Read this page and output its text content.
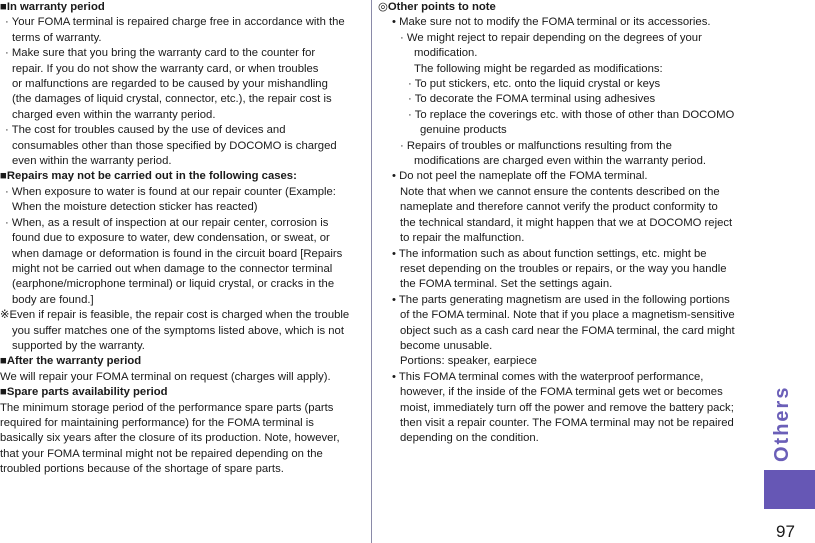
■In warranty period
· Your FOMA terminal is repaired charge free in accordance with the
terms of warranty.
· Make sure that you bring the warranty card to the counter for
repair. If you do not show the warranty card, or when troubles
or malfunctions are regarded to be caused by your mishandling
(the damages of liquid crystal, connector, etc.), the repair cost is
charged even within the warranty period.
· The cost for troubles caused by the use of devices and
consumables other than those specified by DOCOMO is charged
even within the warranty period.
■Repairs may not be carried out in the following cases:
· When exposure to water is found at our repair counter (Example:
When the moisture detection sticker has reacted)
· When, as a result of inspection at our repair center, corrosion is
found due to exposure to water, dew condensation, or sweat, or
when damage or deformation is found in the circuit board [Repairs
might not be carried out when damage to the connector terminal
(earphone/microphone terminal) or liquid crystal, or cracks in the
body are found.]
※Even if repair is feasible, the repair cost is charged when the trouble
you suffer matches one of the symptoms listed above, which is not
supported by the warranty.
■After the warranty period
We will repair your FOMA terminal on request (charges will apply).
■Spare parts availability period
The minimum storage period of the performance spare parts (parts
required for maintaining performance) for the FOMA terminal is
basically six years after the closure of its production. Note, however,
that your FOMA terminal might not be repaired depending on the
troubled portions because of the shortage of spare parts.
◎Other points to note
• Make sure not to modify the FOMA terminal or its accessories.
· We might reject to repair depending on the degrees of your
modification.
The following might be regarded as modifications:
· To put stickers, etc. onto the liquid crystal or keys
· To decorate the FOMA terminal using adhesives
· To replace the coverings etc. with those of other than DOCOMO
genuine products
· Repairs of troubles or malfunctions resulting from the
modifications are charged even within the warranty period.
• Do not peel the nameplate off the FOMA terminal.
Note that when we cannot ensure the contents described on the
nameplate and therefore cannot verify the product conformity to
the technical standard, it might happen that we at DOCOMO reject
to repair the malfunction.
• The information such as about function settings, etc. might be
reset depending on the troubles or repairs, or the way you handle
the FOMA terminal. Set the settings again.
• The parts generating magnetism are used in the following portions
of the FOMA terminal. Note that if you place a magnetism-sensitive
object such as a cash card near the FOMA terminal, the card might
become unusable.
Portions: speaker, earpiece
• This FOMA terminal comes with the waterproof performance,
however, if the inside of the FOMA terminal gets wet or becomes
moist, immediately turn off the power and remove the battery pack;
then visit a repair counter. The FOMA terminal may not be repaired
depending on the condition.	Others
97
